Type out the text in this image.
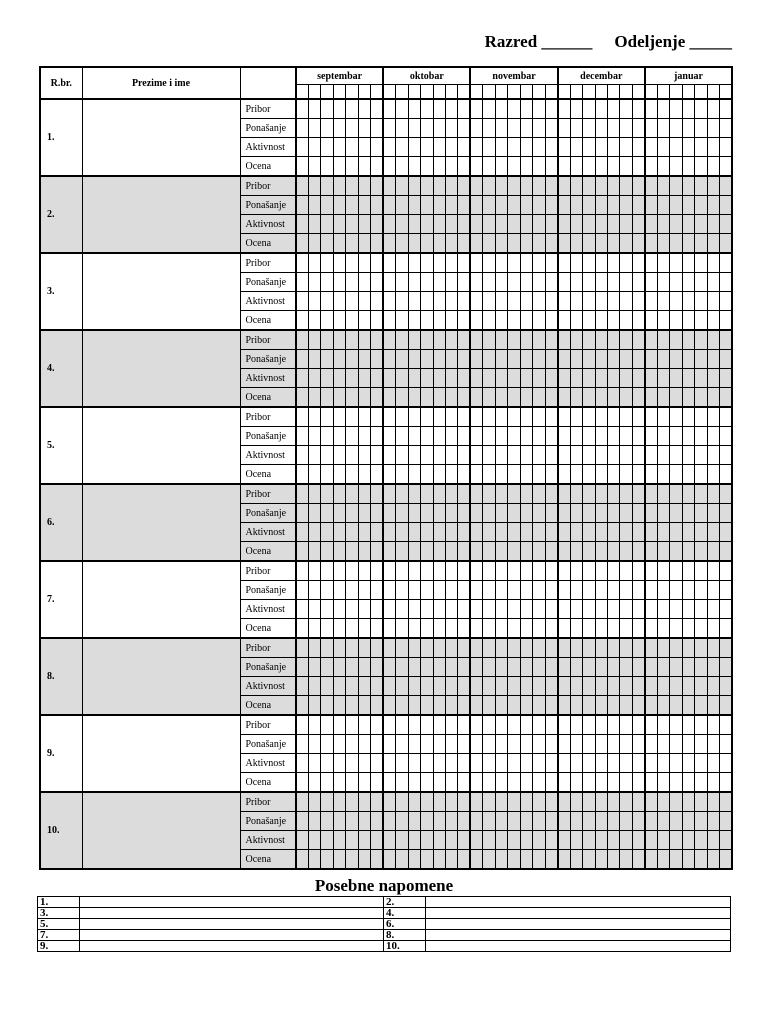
Razred ______ Odeljenje _____
R.br.	Prezime i ime		septembar							oktobar							novembar							decembar							januar						

1.		Pribor																																			
		Ponašanje																																			
		Aktivnost																																			
		Ocena																																			
2.		Pribor																																			
		Ponašanje																																			
		Aktivnost																																			
		Ocena																																			
3.		Pribor																																			
		Ponašanje																																			
		Aktivnost																																			
		Ocena																																			
4.		Pribor																																			
		Ponašanje																																			
		Aktivnost																																			
		Ocena																																			
5.		Pribor																																			
		Ponašanje																																			
		Aktivnost																																			
		Ocena																																			
6.		Pribor																																			
		Ponašanje																																			
		Aktivnost																																			
		Ocena																																			
7.		Pribor																																			
		Ponašanje																																			
		Aktivnost																																			
		Ocena																																			
8.		Pribor																																			
		Ponašanje																																			
		Aktivnost																																			
		Ocena																																			
9.		Pribor																																			
		Ponašanje																																			
		Aktivnost																																			
		Ocena																																			
10.		Pribor																																			
		Ponašanje																																			
		Aktivnost																																			
		Ocena																																			
Posebne napomene
1.		2.	
3.		4.	
5.		6.	
7.		8.	
9.		10.	
